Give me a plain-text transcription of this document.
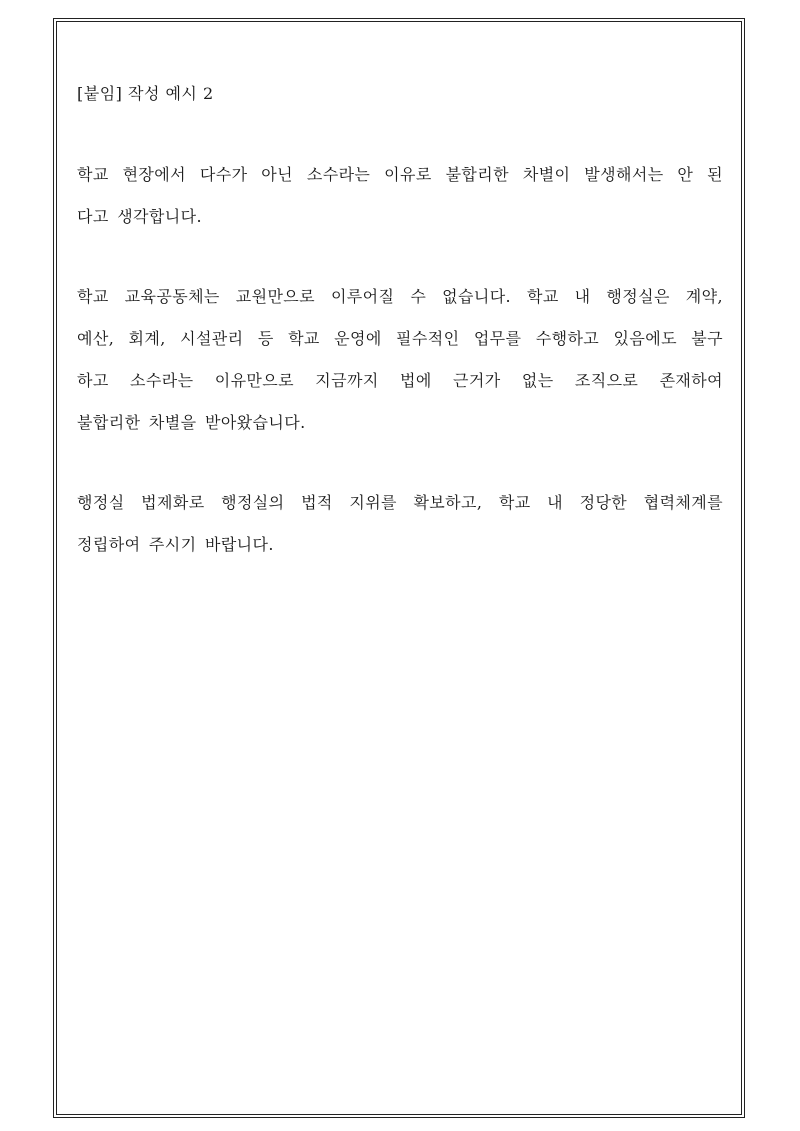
[붙임] 작성 예시 2
학교 현장에서 다수가 아닌 소수라는 이유로 불합리한 차별이 발생해서는 안 된
다고 생각합니다.
학교 교육공동체는 교원만으로 이루어질 수 없습니다. 학교 내 행정실은 계약,
예산, 회계, 시설관리 등 학교 운영에 필수적인 업무를 수행하고 있음에도 불구
하고 소수라는 이유만으로 지금까지 법에 근거가 없는 조직으로 존재하여
불합리한 차별을 받아왔습니다.
행정실 법제화로 행정실의 법적 지위를 확보하고, 학교 내 정당한 협력체계를
정립하여 주시기 바랍니다.
